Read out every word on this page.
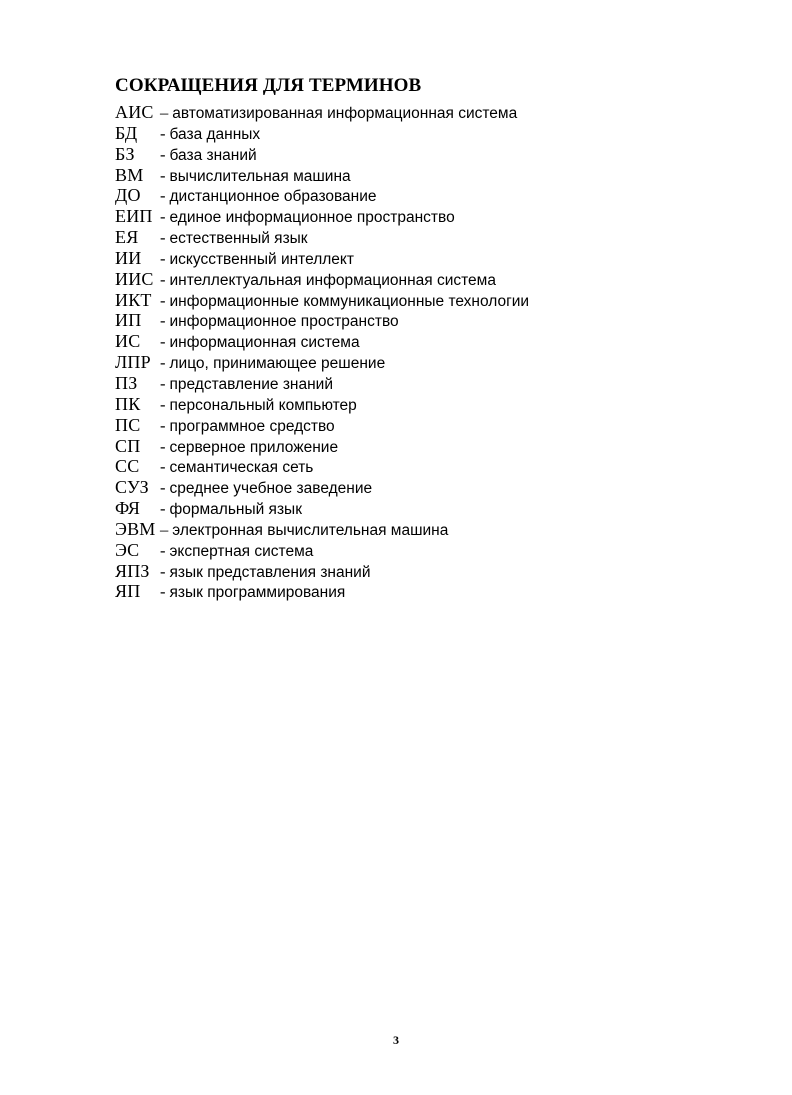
СОКРАЩЕНИЯ ДЛЯ ТЕРМИНОВ
АИС – автоматизированная информационная система
БД	- база данных
БЗ	- база знаний
ВМ	- вычислительная машина
ДО	- дистанционное образование
ЕИП - единое информационное пространство
ЕЯ	- естественный язык
ИИ	- искусственный интеллект
ИИС - интеллектуальная информационная система
ИКТ - информационные коммуникационные технологии
ИП	- информационное пространство
ИС	- информационная система
ЛПР - лицо, принимающее решение
ПЗ	- представление знаний
ПК	- персональный компьютер
ПС	- программное средство
СП	- серверное приложение
СС	- семантическая сеть
СУЗ - среднее учебное заведение
ФЯ	- формальный язык
ЭВМ – электронная вычислительная машина
ЭС	- экспертная система
ЯПЗ - язык представления знаний
ЯП	- язык программирования
3
